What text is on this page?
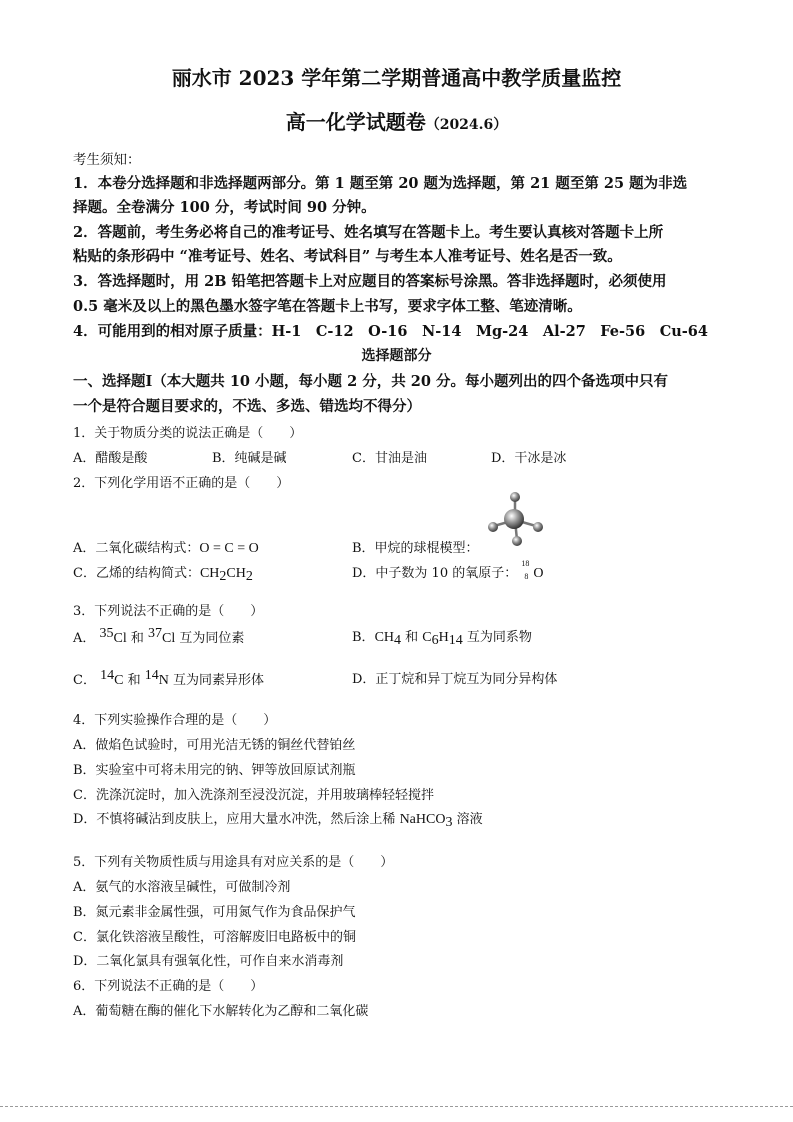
丽水市 2023 学年第二学期普通高中教学质量监控
高一化学试题卷（2024.6）
考生须知：
1．本卷分选择题和非选择题两部分。第 1 题至第 20 题为选择题，第 21 题至第 25 题为非选
择题。全卷满分 100 分，考试时间 90 分钟。
2．答题前，考生务必将自己的准考证号、姓名填写在答题卡上。考生要认真核对答题卡上所
粘贴的条形码中 “准考证号、姓名、考试科目” 与考生本人准考证号、姓名是否一致。
3．答选择题时，用 2B 铅笔把答题卡上对应题目的答案标号涂黑。答非选择题时，必须使用
0.5 毫米及以上的黑色墨水签字笔在答题卡上书写，要求字体工整、笔迹清晰。
4．可能用到的相对原子质量：H-1　C-12　O-16　N-14　Mg-24　Al-27　Fe-56　Cu-64
选择题部分
一、选择题Ⅰ（本大题共 10 小题，每小题 2 分，共 20 分。每小题列出的四个备选项中只有
一个是符合题目要求的，不选、多选、错选均不得分）
1．关于物质分类的说法正确是（　　）
A．醋酸是酸	B．纯碱是碱	C．甘油是油	D．干冰是冰
2．下列化学用语不正确的是（　　）
A．二氧化碳结构式：O = C = O	B．甲烷的球棍模型：
C．乙烯的结构简式：CH2CH2	D．中子数为 10 的氧原子：
18
8 O
3．下列说法不正确的是（　　）
A． 35Cl 和 37Cl 互为同位素	B．CH4 和 C6H14 互为同系物
C． 14C 和 14N 互为同素异形体	D．正丁烷和异丁烷互为同分异构体
4．下列实验操作合理的是（　　）
A．做焰色试验时，可用光洁无锈的铜丝代替铂丝
B．实验室中可将未用完的钠、钾等放回原试剂瓶
C．洗涤沉淀时，加入洗涤剂至浸没沉淀，并用玻璃棒轻轻搅拌
D．不慎将碱沾到皮肤上，应用大量水冲洗，然后涂上稀 NaHCO3 溶液
5．下列有关物质性质与用途具有对应关系的是（　　）
A．氨气的水溶液呈碱性，可做制冷剂
B．氮元素非金属性强，可用氮气作为食品保护气
C．氯化铁溶液呈酸性，可溶解废旧电路板中的铜
D．二氧化氯具有强氧化性，可作自来水消毒剂
6．下列说法不正确的是（　　）
A．葡萄糖在酶的催化下水解转化为乙醇和二氧化碳
